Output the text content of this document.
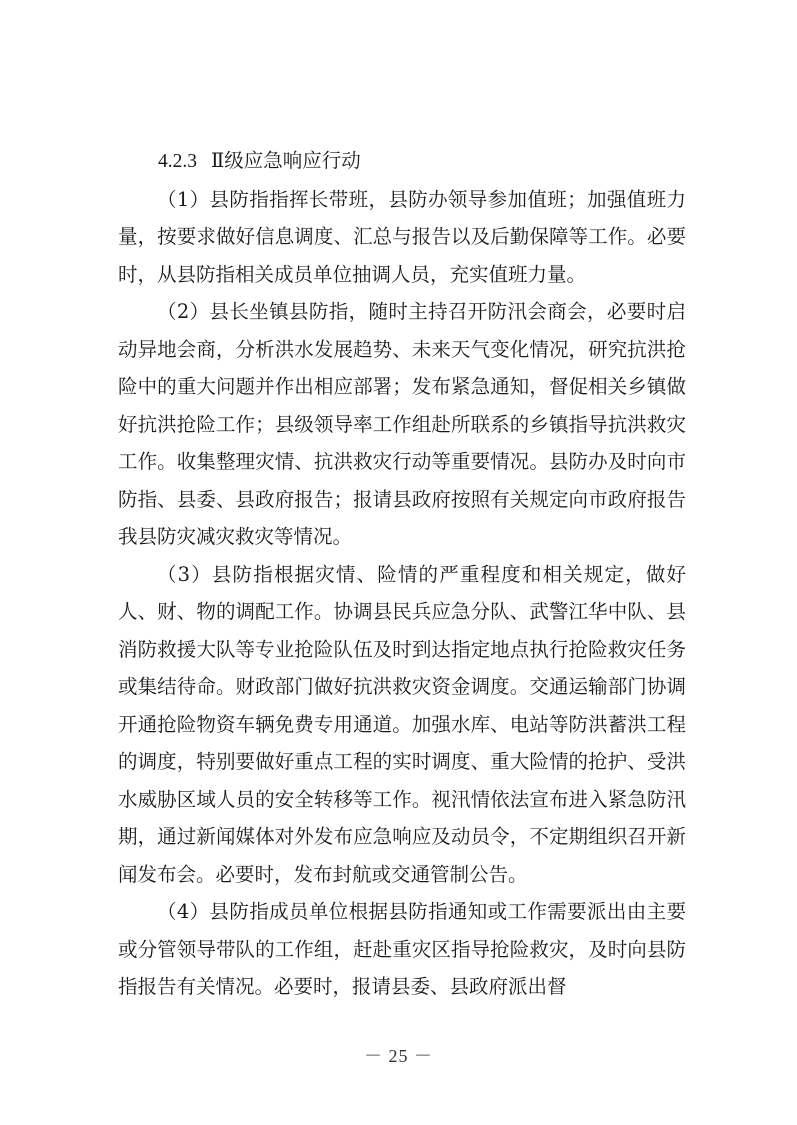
4.2.3 Ⅱ级应急响应行动

（1）县防指指挥长带班，县防办领导参加值班；加强值班力量，按要求做好信息调度、汇总与报告以及后勤保障等工作。必要时，从县防指相关成员单位抽调人员，充实值班力量。

（2）县长坐镇县防指，随时主持召开防汛会商会，必要时启动异地会商，分析洪水发展趋势、未来天气变化情况，研究抗洪抢险中的重大问题并作出相应部署；发布紧急通知，督促相关乡镇做好抗洪抢险工作；县级领导率工作组赴所联系的乡镇指导抗洪救灾工作。收集整理灾情、抗洪救灾行动等重要情况。县防办及时向市防指、县委、县政府报告；报请县政府按照有关规定向市政府报告我县防灾减灾救灾等情况。

（3）县防指根据灾情、险情的严重程度和相关规定，做好人、财、物的调配工作。协调县民兵应急分队、武警江华中队、县消防救援大队等专业抢险队伍及时到达指定地点执行抢险救灾任务或集结待命。财政部门做好抗洪救灾资金调度。交通运输部门协调开通抢险物资车辆免费专用通道。加强水库、电站等防洪蓄洪工程的调度，特别要做好重点工程的实时调度、重大险情的抢护、受洪水威胁区域人员的安全转移等工作。视汛情依法宣布进入紧急防汛期，通过新闻媒体对外发布应急响应及动员令，不定期组织召开新闻发布会。必要时，发布封航或交通管制公告。

（4）县防指成员单位根据县防指通知或工作需要派出由主要或分管领导带队的工作组，赶赴重灾区指导抢险救灾，及时向县防指报告有关情况。必要时，报请县委、县政府派出督

－ 25 －
